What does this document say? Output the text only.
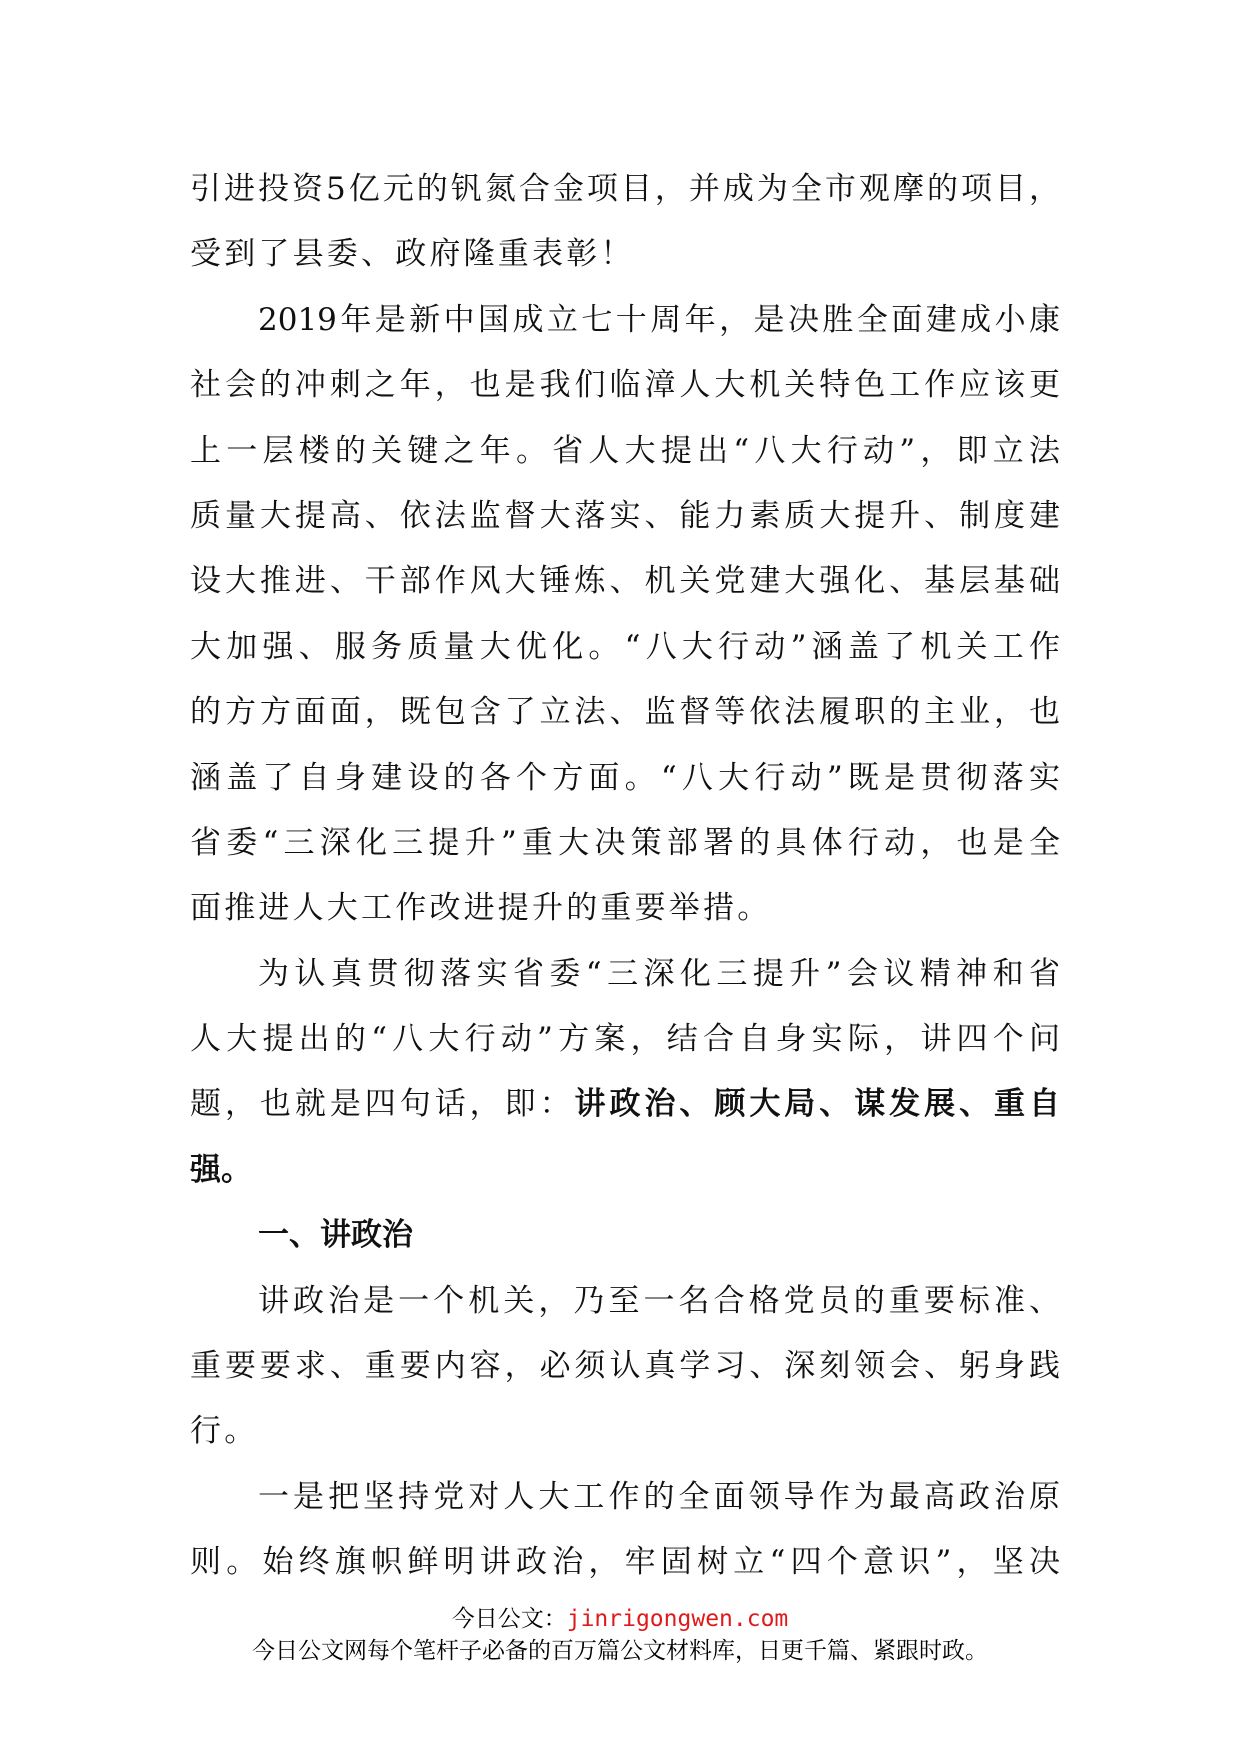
引进投资5亿元的钒氮合金项目，并成为全市观摩的项目，
受到了县委、政府隆重表彰！
2019年是新中国成立七十周年，是决胜全面建成小康
社会的冲刺之年，也是我们临漳人大机关特色工作应该更
上一层楼的关键之年。省人大提出“八大行动”，即立法
质量大提高、依法监督大落实、能力素质大提升、制度建
设大推进、干部作风大锤炼、机关党建大强化、基层基础
大加强、服务质量大优化。“八大行动”涵盖了机关工作
的方方面面，既包含了立法、监督等依法履职的主业，也
涵盖了自身建设的各个方面。“八大行动”既是贯彻落实
省委“三深化三提升”重大决策部署的具体行动，也是全
面推进人大工作改进提升的重要举措。
为认真贯彻落实省委“三深化三提升”会议精神和省
人大提出的“八大行动”方案，结合自身实际，讲四个问
题，也就是四句话，即：讲政治、顾大局、谋发展、重自
强。
一、讲政治
讲政治是一个机关，乃至一名合格党员的重要标准、
重要要求、重要内容，必须认真学习、深刻领会、躬身践
行。
一是把坚持党对人大工作的全面领导作为最高政治原
则。始终旗帜鲜明讲政治，牢固树立“四个意识”，坚决
今日公文：jinrigongwen.com
今日公文网每个笔杆子必备的百万篇公文材料库，日更千篇、紧跟时政。
